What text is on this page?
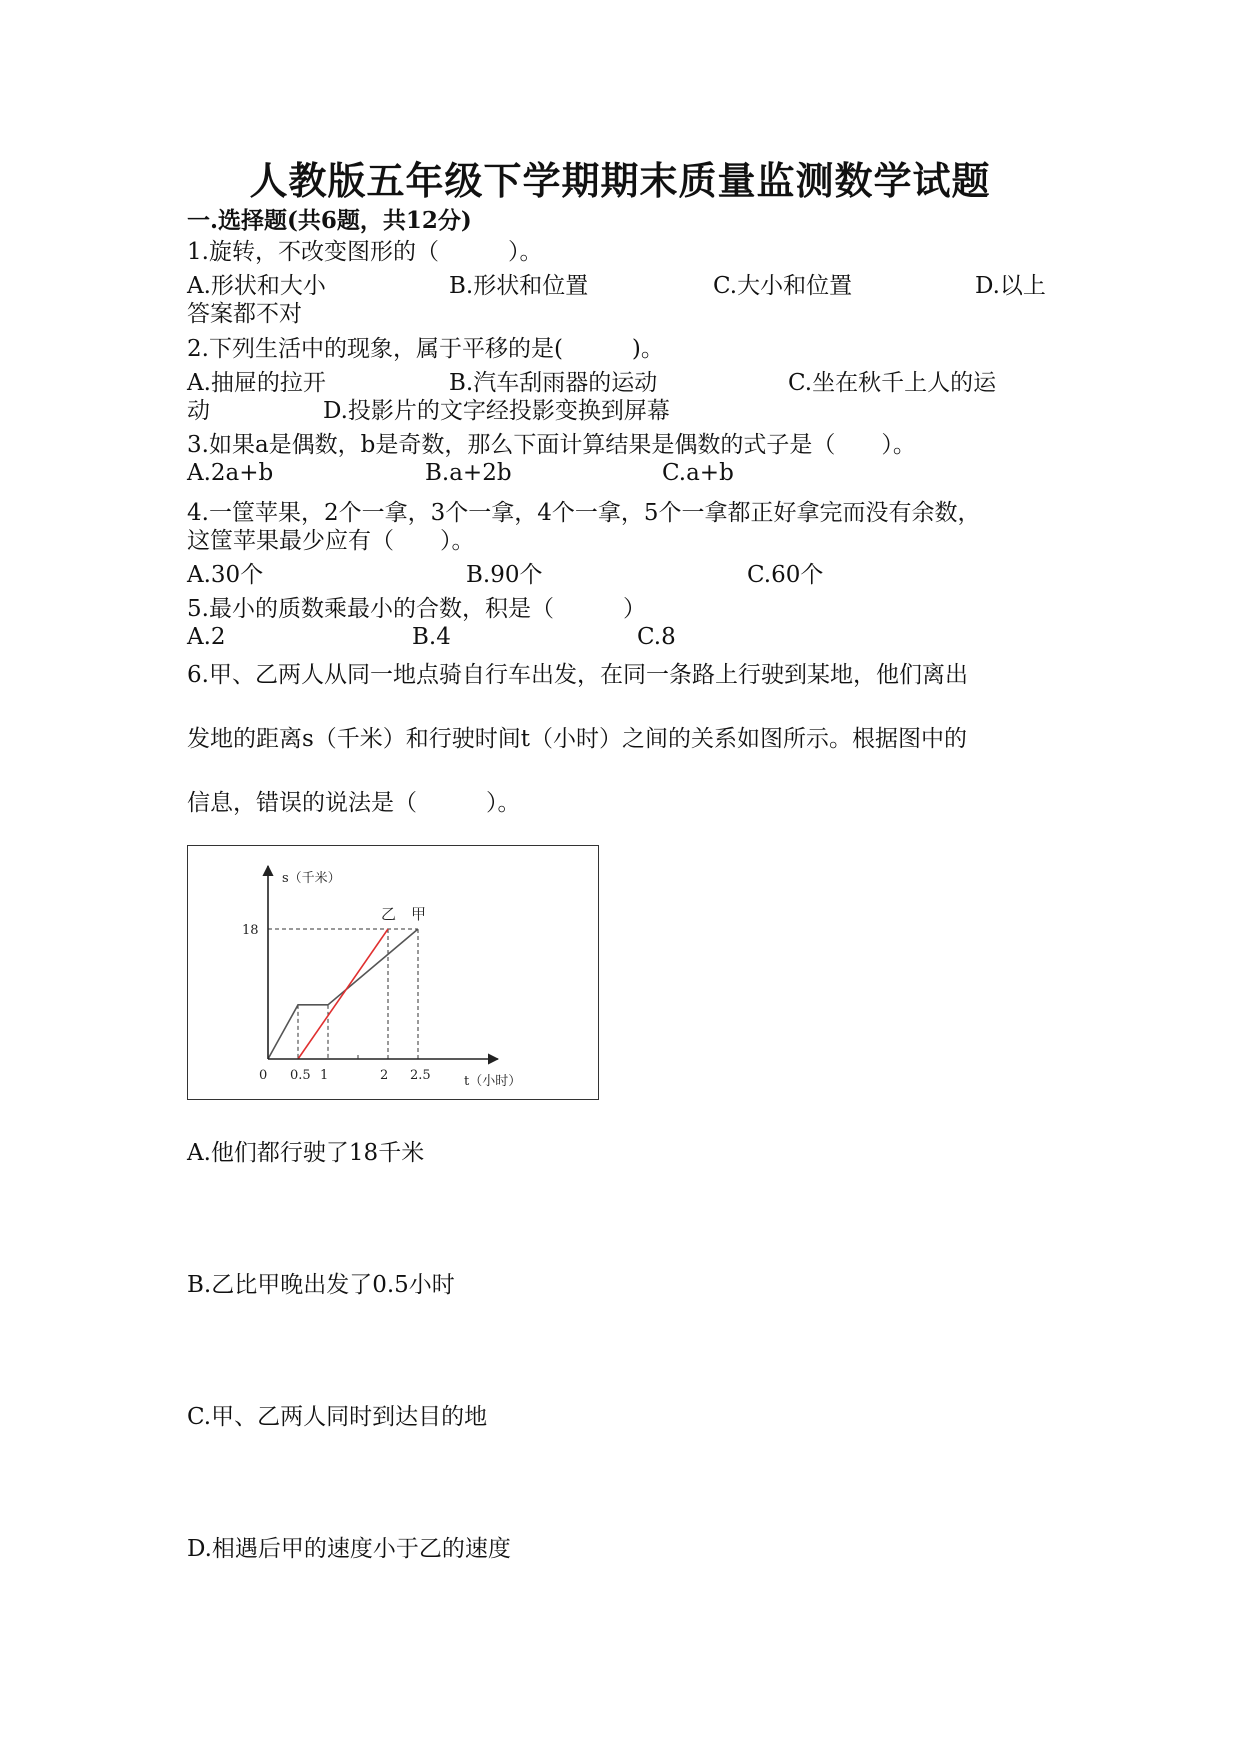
人教版五年级下学期期末质量监测数学试题
一.选择题(共6题，共12分)
1.旋转，不改变图形的（　　　）。
A.形状和大小	B.形状和位置	C.大小和位置	D.以上
答案都不对
2.下列生活中的现象，属于平移的是(　　　)。
A.抽屉的拉开	B.汽车刮雨器的运动	C.坐在秋千上人的运
动	D.投影片的文字经投影变换到屏幕
3.如果a是偶数，b是奇数，那么下面计算结果是偶数的式子是（　　）。
A.2a+b	B.a+2b	C.a+b
4.一筐苹果，2个一拿，3个一拿，4个一拿，5个一拿都正好拿完而没有余数，
这筐苹果最少应有（　　）。
A.30个	B.90个	C.60个
5.最小的质数乘最小的合数，积是（　　　）
A.2	B.4	C.8
6.甲、乙两人从同一地点骑自行车出发，在同一条路上行驶到某地，他们离出
发地的距离s（千米）和行驶时间t（小时）之间的关系如图所示。根据图中的
信息，错误的说法是（　　　）。
甲
乙
0 0.5 1	2 2.5
18
s（千米）
t（小时）
A.他们都行驶了18千米
B.乙比甲晚出发了0.5小时
C.甲、乙两人同时到达目的地
D.相遇后甲的速度小于乙的速度
